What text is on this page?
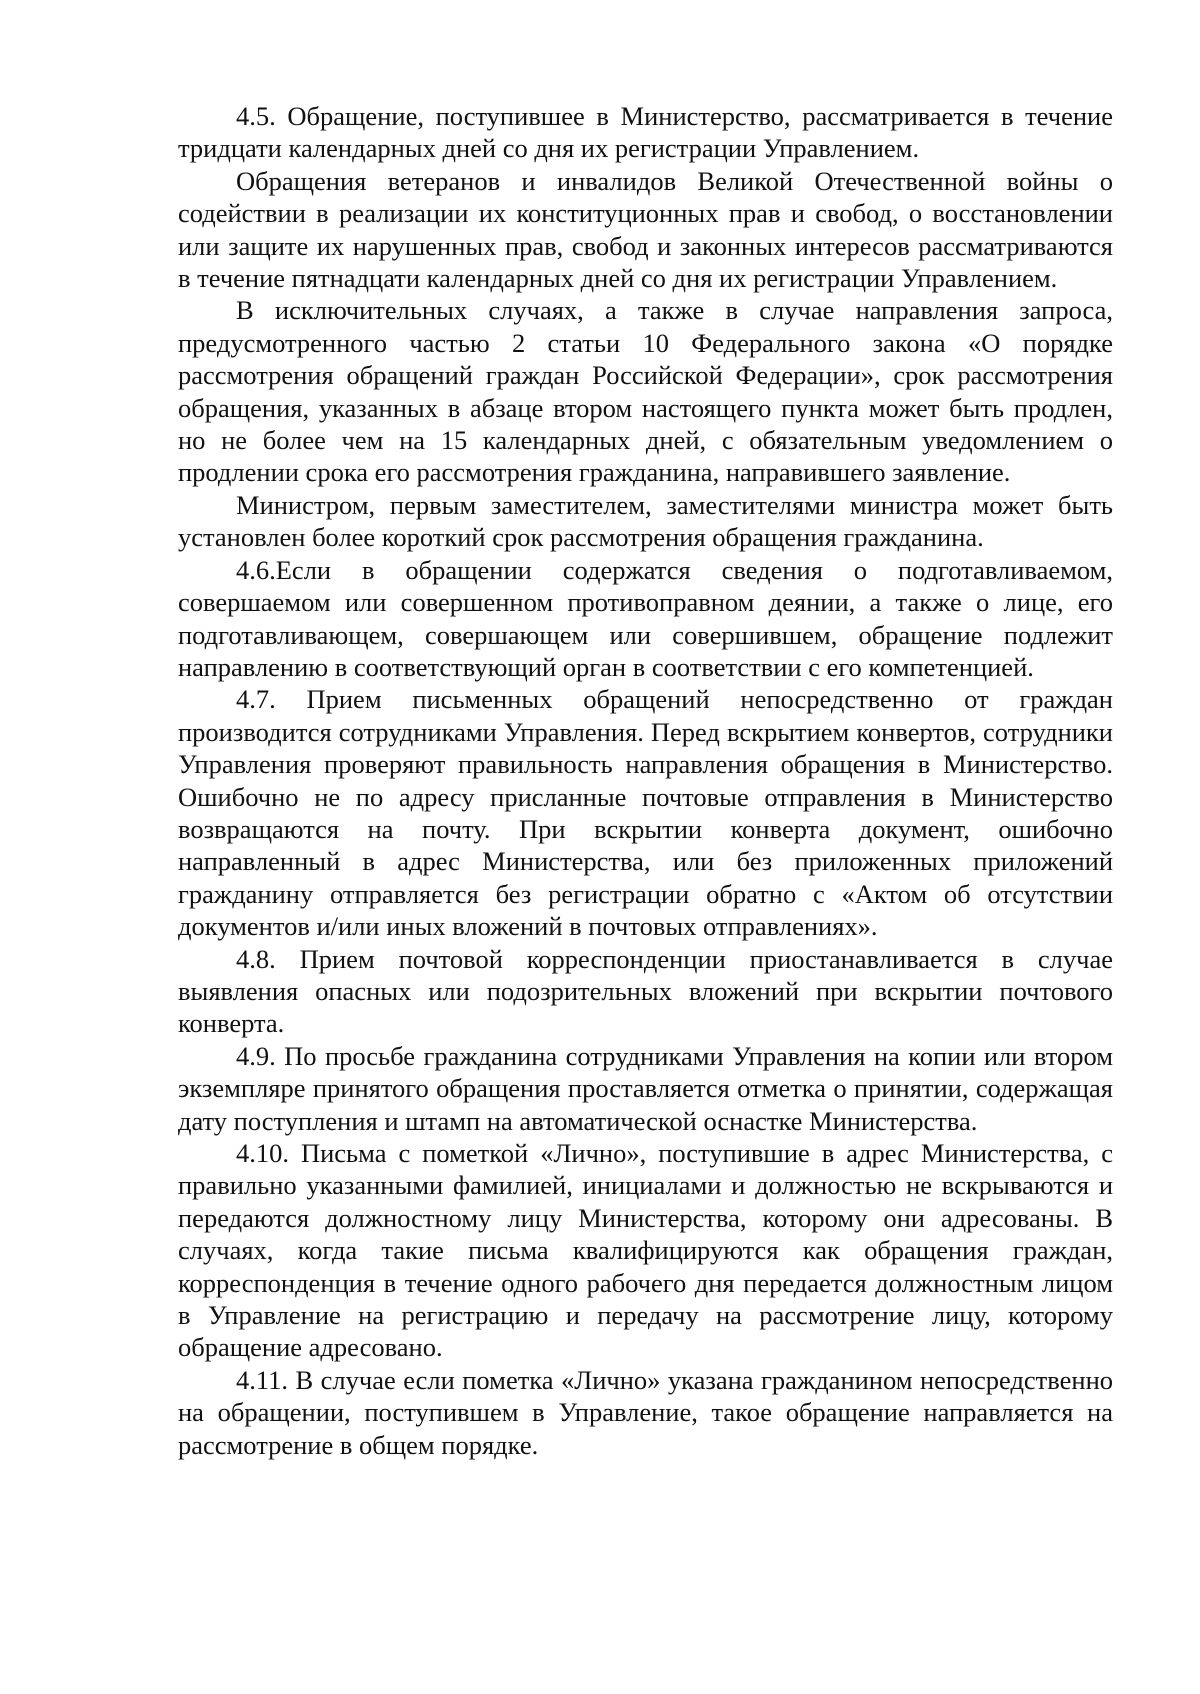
4.5. Обращение, поступившее в Министерство, рассматривается в течение тридцати календарных дней со дня их регистрации Управлением.

Обращения ветеранов и инвалидов Великой Отечественной войны о содействии в реализации их конституционных прав и свобод, о восстановлении или защите их нарушенных прав, свобод и законных интересов рассматриваются в течение пятнадцати календарных дней со дня их регистрации Управлением.

В исключительных случаях, а также в случае направления запроса, предусмотренного частью 2 статьи 10 Федерального закона «О порядке рассмотрения обращений граждан Российской Федерации», срок рассмотрения обращения, указанных в абзаце втором настоящего пункта может быть продлен, но не более чем на 15 календарных дней, с обязательным уведомлением о продлении срока его рассмотрения гражданина, направившего заявление.

Министром, первым заместителем, заместителями министра может быть установлен более короткий срок рассмотрения обращения гражданина.

4.6.Если в обращении содержатся сведения о подготавливаемом, совершаемом или совершенном противоправном деянии, а также о лице, его подготавливающем, совершающем или совершившем, обращение подлежит направлению в соответствующий орган в соответствии с его компетенцией.

4.7. Прием письменных обращений непосредственно от граждан производится сотрудниками Управления. Перед вскрытием конвертов, сотрудники Управления проверяют правильность направления обращения в Министерство. Ошибочно не по адресу присланные почтовые отправления в Министерство возвращаются на почту. При вскрытии конверта документ, ошибочно направленный в адрес Министерства, или без приложенных приложений гражданину отправляется без регистрации обратно с «Актом об отсутствии документов и/или иных вложений в почтовых отправлениях».

4.8. Прием почтовой корреспонденции приостанавливается в случае выявления опасных или подозрительных вложений при вскрытии почтового конверта.

4.9. По просьбе гражданина сотрудниками Управления на копии или втором экземпляре принятого обращения проставляется отметка о принятии, содержащая дату поступления и штамп на автоматической оснастке Министерства.

4.10. Письма с пометкой «Лично», поступившие в адрес Министерства, с правильно указанными фамилией, инициалами и должностью не вскрываются и передаются должностному лицу Министерства, которому они адресованы. В случаях, когда такие письма квалифицируются как обращения граждан, корреспонденция в течение одного рабочего дня передается должностным лицом в Управление на регистрацию и передачу на рассмотрение лицу, которому обращение адресовано.

4.11. В случае если пометка «Лично» указана гражданином непосредственно на обращении, поступившем в Управление, такое обращение направляется на рассмотрение в общем порядке.
